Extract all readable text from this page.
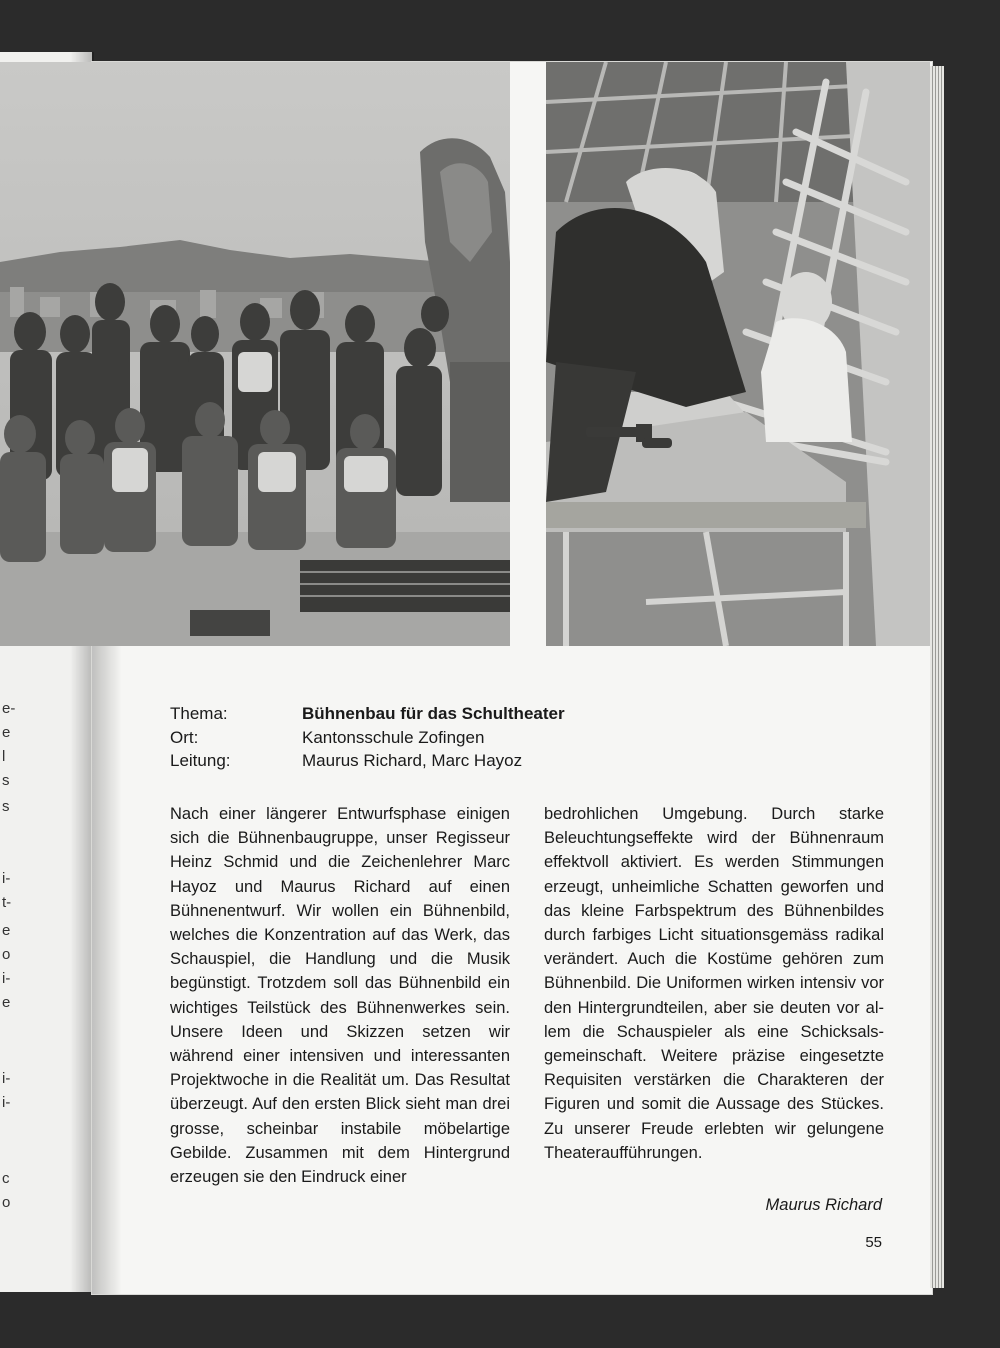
e-
e
l
s
s
i-
t-
e
o
i-
e
i-
i-
c
o
Thema:	Bühnenbau für das Schultheater
Ort:	Kantonsschule Zofingen
Leitung:	Maurus Richard, Marc Hayoz

Nach einer längerer Entwurfsphase einigen sich die Bühnenbaugruppe, unser Regisseur Heinz Schmid und die Zeichenlehrer Marc Hayoz und Maurus Richard auf einen Bühnenentwurf. Wir wollen ein Bühnenbild, welches die Konzentration auf das Werk, das Schauspiel, die Handlung und die Musik begünstigt. Trotzdem soll das Bühnenbild ein wichtiges Teilstück des Bühnenwerkes sein. Unsere Ideen und Skizzen setzen wir während einer intensiven und interessanten Projektwoche in die Realität um. Das Resultat überzeugt. Auf den ersten Blick sieht man drei grosse, scheinbar instabile möbelartige Gebilde. Zusammen mit dem Hintergrund erzeugen sie den Eindruck einer

bedrohlichen Umgebung. Durch starke Beleuchtungseffekte wird der Bühnenraum effektvoll aktiviert. Es werden Stimmungen erzeugt, unheimliche Schatten geworfen und das kleine Farbspektrum des Bühnenbildes durch farbiges Licht situationsgemäss radikal verändert. Auch die Kostüme gehören zum Bühnenbild. Die Uniformen wirken intensiv vor den Hintergrundteilen, aber sie deuten vor allem die Schauspieler als eine Schicksalsgemeinschaft. Weitere präzise eingesetzte Requisiten verstärken die Charakteren der Figuren und somit die Aussage des Stückes. Zu unserer Freude erlebten wir gelungene Theateraufführungen.

Maurus Richard
55
